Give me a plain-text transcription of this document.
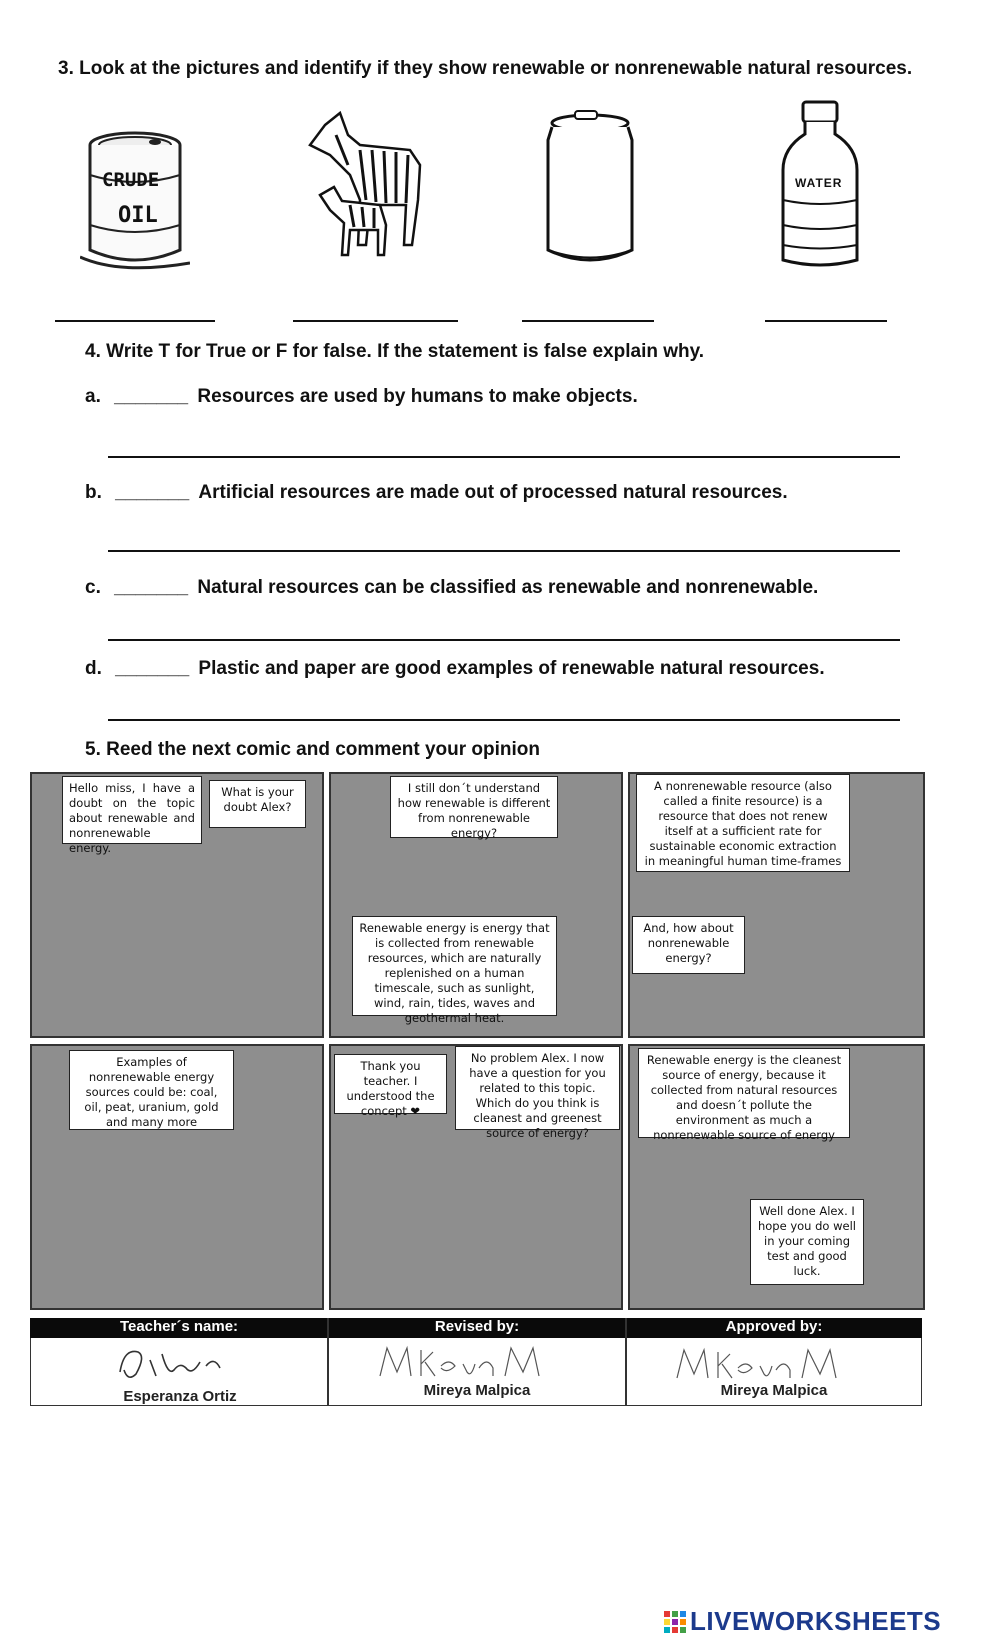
3. Look at the pictures and identify if they show renewable or nonrenewable natural resources.
CRUDE
OIL
WATER
4. Write T for True or F for false. If the statement is false explain why.
a. _______ Resources are used by humans to make objects.
b. _______ Artificial resources are made out of processed natural resources.
c. _______ Natural resources can be classified as renewable and nonrenewable.
d. _______ Plastic and paper are good examples of renewable natural resources.
5. Reed the next comic and comment your opinion
Hello miss, I have a doubt on the topic about renewable and nonrenewable energy.
What is your doubt Alex?
I still don´t understand how renewable is different from nonrenewable energy?
Renewable energy is energy that is collected from renewable resources, which are naturally replenished on a human timescale, such as sunlight, wind, rain, tides, waves and geothermal heat.
A nonrenewable resource (also called a finite resource) is a resource that does not renew itself at a sufficient rate for sustainable economic extraction in meaningful human time-frames
And, how about nonrenewable energy?
Examples of nonrenewable energy sources could be: coal, oil, peat, uranium, gold and many more
Thank you teacher. I understood the concept ❤
No problem Alex. I now have a question for you related to this topic. Which do you think is cleanest and greenest source of energy?
Renewable energy is the cleanest source of energy, because it collected from natural resources and doesn´t pollute the environment as much a nonrenewable source of energy
Well done Alex. I hope you do well in your coming test and good luck.
Teacher´s name:	Revised by:	Approved by:
Esperanza Ortiz	Mireya Malpica	Mireya Malpica
LIVEWORKSHEETS
